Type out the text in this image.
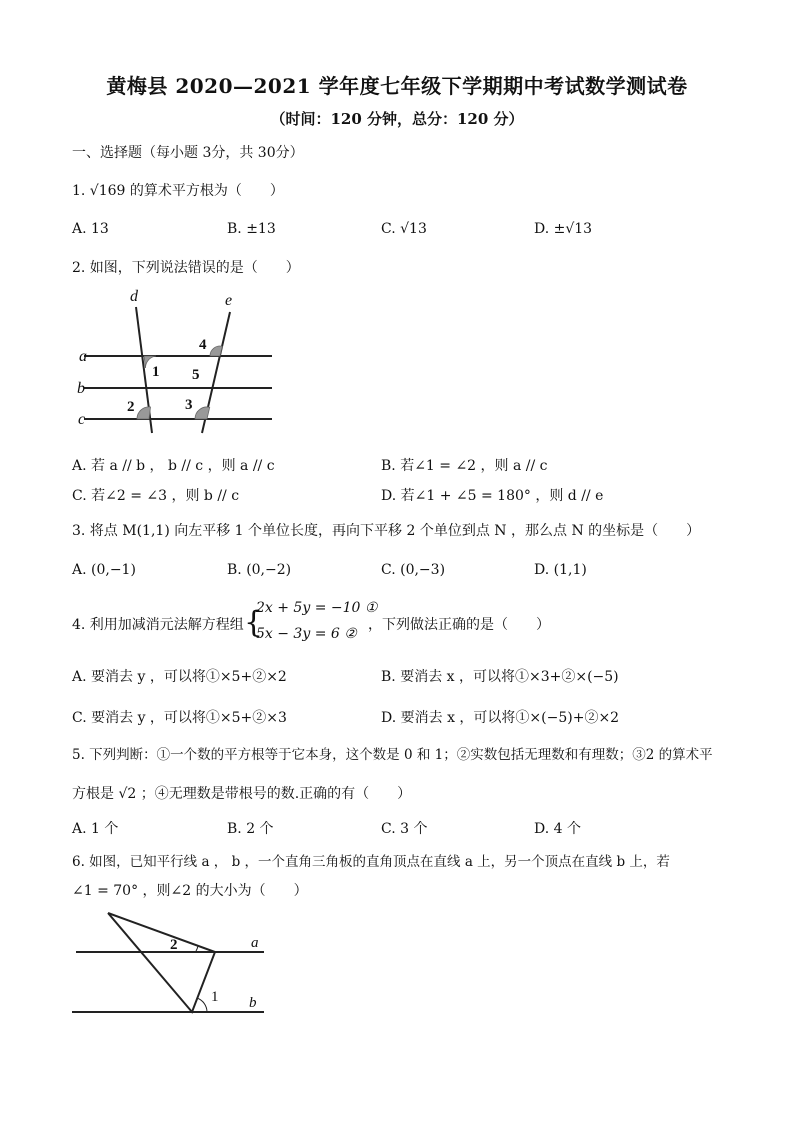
黄梅县 2020—2021 学年度七年级下学期期中考试数学测试卷
（时间：120 分钟，总分：120 分）
一、选择题（每小题 3分，共 30分）
1. √169 的算术平方根为（　　）
A. 13	B. ±13	C. √13	D. ±√13
2. 如图，下列说法错误的是（　　）
d	e
a
b
c
1
2	3
4
5
A. 若 a // b ， b // c ，则 a // c	B. 若∠1 = ∠2 ，则 a // c
C. 若∠2 = ∠3 ，则 b // c	D. 若∠1 + ∠5 = 180° ，则 d // e
3. 将点 M(1,1) 向左平移 1 个单位长度，再向下平移 2 个单位到点 N ，那么点 N 的坐标是（　　）
A. (0,−1)	B. (0,−2)	C. (0,−3)	D. (1,1)
4. 利用加减消元法解方程组 {
2x + 5y = −10 ①
5x − 3y = 6 ②
，下列做法正确的是（　　）
A. 要消去 y ，可以将①×5+②×2	B. 要消去 x ，可以将①×3+②×(−5)
C. 要消去 y ，可以将①×5+②×3	D. 要消去 x ，可以将①×(−5)+②×2
5. 下列判断：①一个数的平方根等于它本身，这个数是 0 和 1；②实数包括无理数和有理数；③2 的算术平
方根是 √2 ；④无理数是带根号的数.正确的有（　　）
A. 1 个	B. 2 个	C. 3 个	D. 4 个
6. 如图，已知平行线 a ， b ，一个直角三角板的直角顶点在直线 a 上，另一个顶点在直线 b 上，若
∠1 = 70° ，则∠2 的大小为（　　）
2
1
a
b
